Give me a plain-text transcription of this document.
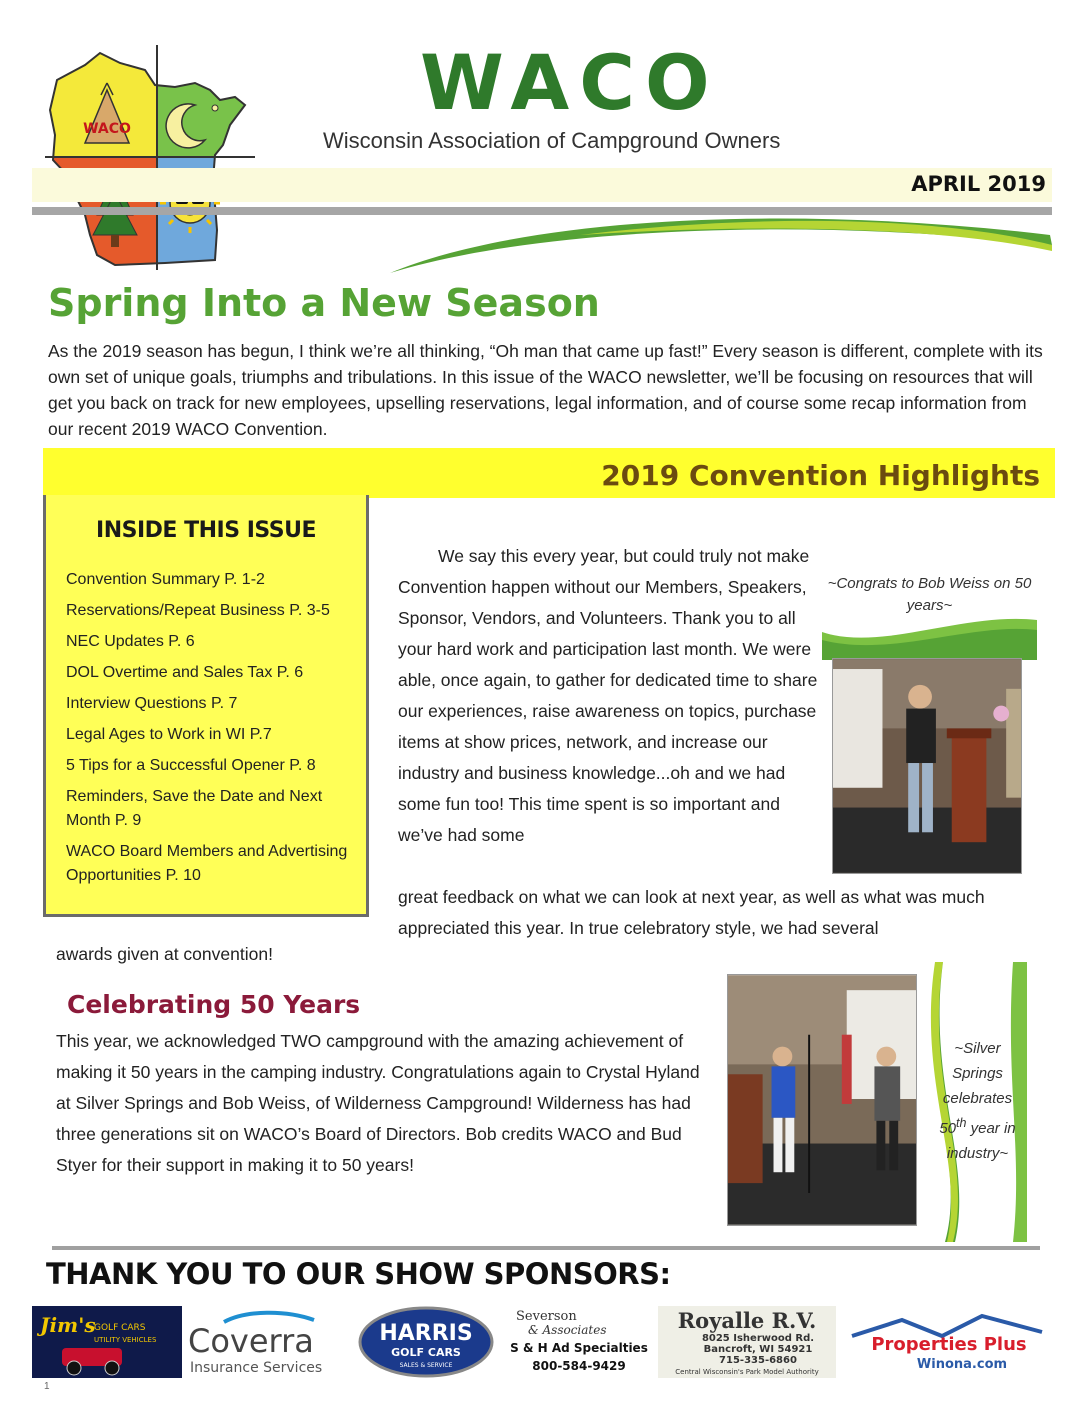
WACO
WACO
Wisconsin Association of Campground Owners
APRIL 2019
Spring Into a New Season

As the 2019 season has begun, I think we’re all thinking, “Oh man that came up fast!” Every season is different, complete with its own set of unique goals, triumphs and tribulations. In this issue of the WACO newsletter, we’ll be focusing on resources that will get you back on track for new employees, upselling reservations, legal information, and of course some recap information from our recent 2019 WACO Convention.

2019 Convention Highlights
INSIDE THIS ISSUE
Convention Summary P. 1-2
Reservations/Repeat Business P. 3-5
NEC Updates P. 6
DOL Overtime and Sales Tax P. 6
Interview Questions P. 7
Legal Ages to Work in WI P.7
5 Tips for a Successful Opener P. 8
Reminders, Save the Date and Next Month P. 9
WACO Board Members and Advertising Opportunities P. 10

We say this every year, but could truly not make Convention happen without our Members, Speakers, Sponsor, Vendors, and Volunteers. Thank you to all your hard work and participation last month. We were able, once again, to gather for dedicated time to share our experiences, raise awareness on topics, purchase items at show prices, network, and increase our industry and business knowledge...oh and we had some fun too! This time spent is so important and we’ve had some

great feedback on what we can look at next year, as well as what was much appreciated this year. In true celebratory style, we had several

awards given at convention!

~Congrats to Bob Weiss on 50 years~
Celebrating 50 Years

This year, we acknowledged TWO campground with the amazing achievement of making it 50 years in the camping industry. Congratulations again to Crystal Hyland at Silver Springs and Bob Weiss, of Wilderness Campground! Wilderness has had three generations sit on WACO’s Board of Directors. Bob credits WACO and Bud Styer for their support in making it to 50 years!

~Silver Springs celebrates 50th year in industry~
THANK YOU TO OUR SHOW SPONSORS:
Jim's
GOLF CARS
UTILITY VEHICLES Coverra
Insurance Services
HARRIS
GOLF CARS
SALES & SERVICE
Severson
& Associates
S & H Ad Specialties
800-584-9429
Royalle R.V.
8025 Isherwood Rd.
Bancroft, WI 54921
715-335-6860
Central Wisconsin's Park Model Authority
Properties Plus
Winona.com
1
